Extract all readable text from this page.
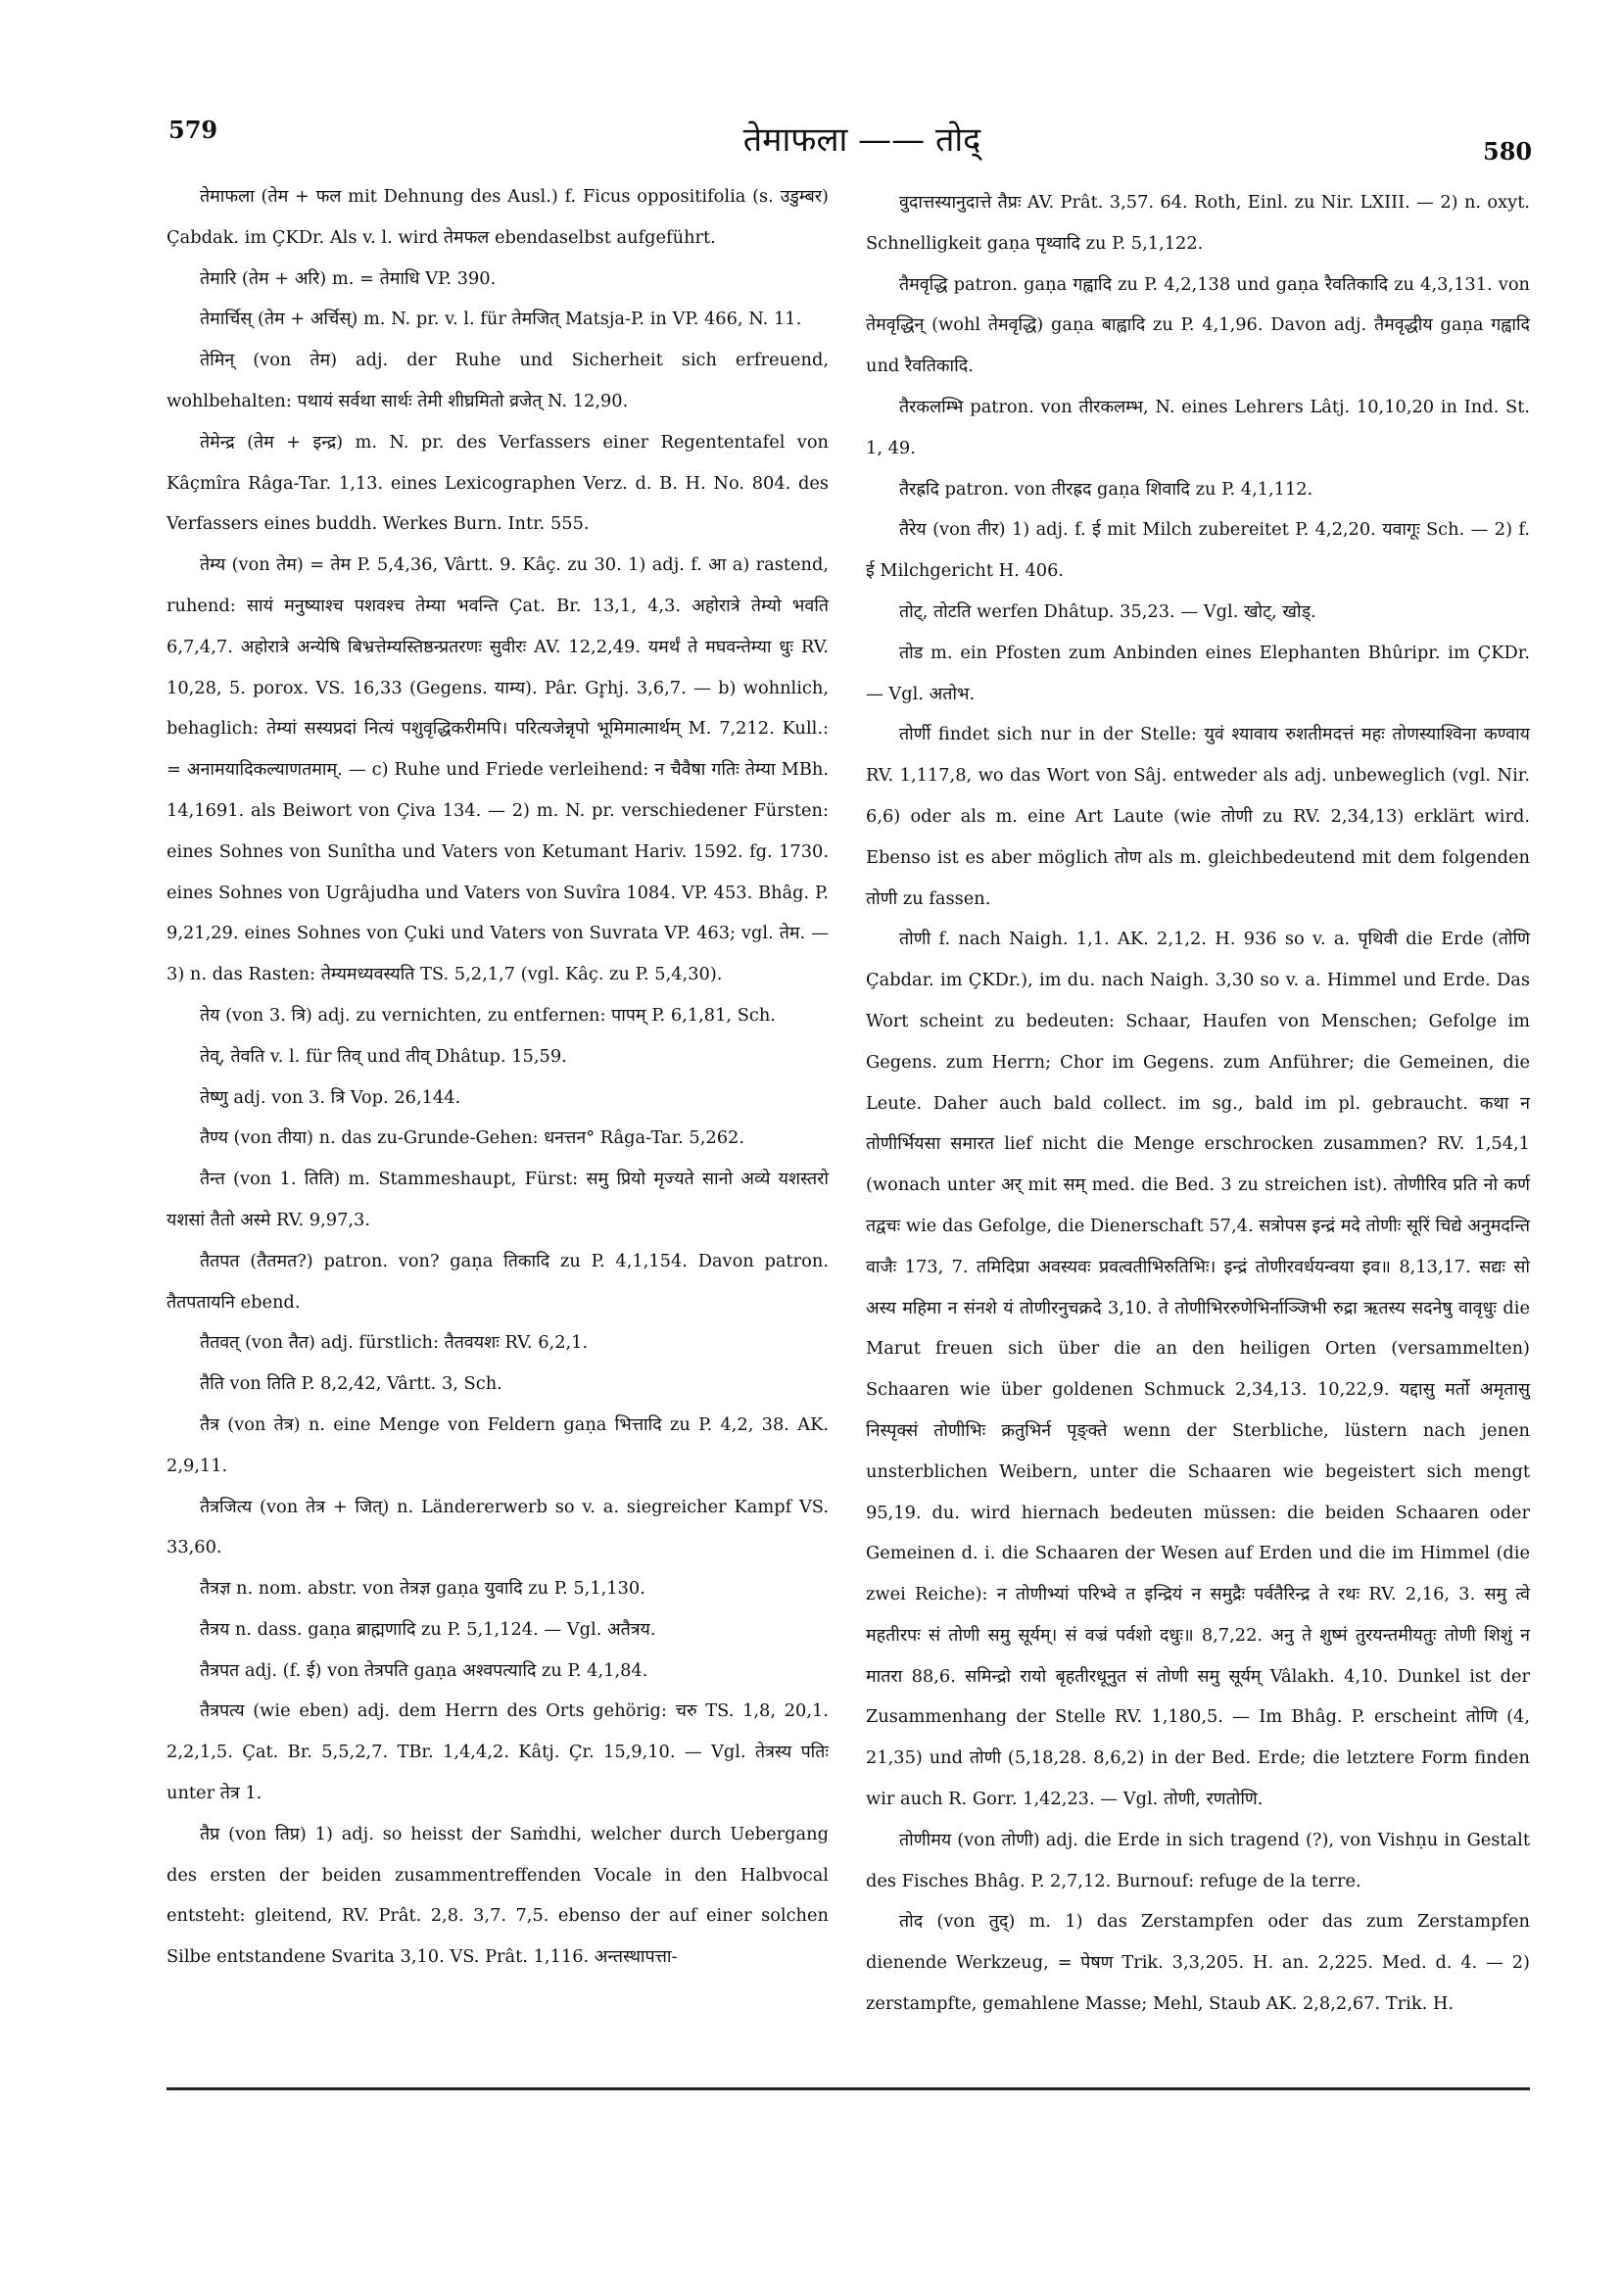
579	तेमाफला —— तोद्	580

तेमाफला (तेम + फल mit Dehnung des Ausl.) f. Ficus oppositifolia (s. उडुम्बर) Çabdak. im ÇKDr. Als v. l. wird तेमफल ebendaselbst aufgeführt.

तेमारि (तेम + अरि) m. = तेमाधि VP. 390.

तेमार्चिस् (तेम + अर्चिस्) m. N. pr. v. l. für तेमजित् Matsja-P. in VP. 466, N. 11.

तेमिन् (von तेम) adj. der Ruhe und Sicherheit sich erfreuend, wohlbehalten: पथायं सर्वथा सार्थः तेमी शीघ्रमितो व्रजेत् N. 12,90.

तेमेन्द्र (तेम + इन्द्र) m. N. pr. des Verfassers einer Regententafel von Kâçmîra Râga-Tar. 1,13. eines Lexicographen Verz. d. B. H. No. 804. des Verfassers eines buddh. Werkes Burn. Intr. 555.

तेम्य (von तेम) = तेम P. 5,4,36, Vârtt. 9. Kâç. zu 30. 1) adj. f. आ a) rastend, ruhend: सायं मनुष्याश्च पशवश्च तेम्या भवन्ति Çat. Br. 13,1, 4,3. अहोरात्रे तेम्यो भवति 6,7,4,7. अहोरात्रे अन्येषि बिभ्रत्तेम्यस्तिष्ठन्प्रतरणः सुवीरः AV. 12,2,49. यमर्थं ते मघवन्तेम्या धुः RV. 10,28, 5. porox. VS. 16,33 (Gegens. याम्य). Pâr. Gr̥hj. 3,6,7. — b) wohnlich, behaglich: तेम्यां सस्यप्रदां नित्यं पशुवृद्धिकरीमपि। परित्यजेन्नृपो भूमिमात्मार्थम् M. 7,212. Kull.: = अनामयादिकल्याणतमाम्. — c) Ruhe und Friede verleihend: न चैवैषा गतिः तेम्या MBh. 14,1691. als Beiwort von Çiva 134. — 2) m. N. pr. verschiedener Fürsten: eines Sohnes von Sunîtha und Vaters von Ketumant Hariv. 1592. fg. 1730. eines Sohnes von Ugrâjudha und Vaters von Suvîra 1084. VP. 453. Bhâg. P. 9,21,29. eines Sohnes von Çuki und Vaters von Suvrata VP. 463; vgl. तेम. — 3) n. das Rasten: तेम्यमध्यवस्यति TS. 5,2,1,7 (vgl. Kâç. zu P. 5,4,30).

तेय (von 3. त्रि) adj. zu vernichten, zu entfernen: पापम् P. 6,1,81, Sch.

तेव्, तेवति v. l. für तिव् und तीव् Dhâtup. 15,59.

तेष्णु adj. von 3. त्रि Vop. 26,144.

तैण्य (von तीया) n. das zu-Grunde-Gehen: धनत्तन° Râga-Tar. 5,262.

तैन्त (von 1. तिति) m. Stammeshaupt, Fürst: समु प्रियो मृज्यते सानो अव्ये यशस्तरो यशसां तैतो अस्मे RV. 9,97,3.

तैतपत (तैतमत?) patron. von? gaṇa तिकादि zu P. 4,1,154. Davon patron. तैतपतायनि ebend.

तैतवत् (von तैत) adj. fürstlich: तैतवयशः RV. 6,2,1.

तैति von तिति P. 8,2,42, Vârtt. 3, Sch.

तैत्र (von तेत्र) n. eine Menge von Feldern gaṇa भित्तादि zu P. 4,2, 38. AK. 2,9,11.

तैत्रजित्य (von तेत्र + जित्) n. Ländererwerb so v. a. siegreicher Kampf VS. 33,60.

तैत्रज्ञ n. nom. abstr. von तेत्रज्ञ gaṇa युवादि zu P. 5,1,130.

तैत्रय n. dass. gaṇa ब्राह्मणादि zu P. 5,1,124. — Vgl. अतैत्रय.

तैत्रपत adj. (f. ई) von तेत्रपति gaṇa अश्वपत्यादि zu P. 4,1,84.

तैत्रपत्य (wie eben) adj. dem Herrn des Orts gehörig: चरु TS. 1,8, 20,1. 2,2,1,5. Çat. Br. 5,5,2,7. TBr. 1,4,4,2. Kâtj. Çr. 15,9,10. — Vgl. तेत्रस्य पतिः unter तेत्र 1.

तैप्र (von तिप्र) 1) adj. so heisst der Saṁdhi, welcher durch Uebergang des ersten der beiden zusammentreffenden Vocale in den Halbvocal entsteht: gleitend, RV. Prât. 2,8. 3,7. 7,5. ebenso der auf einer solchen Silbe entstandene Svarita 3,10. VS. Prât. 1,116. अन्तस्थापत्ता-

वुदात्तस्यानुदात्ते तैप्रः AV. Prât. 3,57. 64. Roth, Einl. zu Nir. LXIII. — 2) n. oxyt. Schnelligkeit gaṇa पृथ्वादि zu P. 5,1,122.

तैमवृद्धि patron. gaṇa गह्वादि zu P. 4,2,138 und gaṇa रैवतिकादि zu 4,3,131. von तेमवृद्धिन् (wohl तेमवृद्धि) gaṇa बाह्वादि zu P. 4,1,96. Davon adj. तैमवृद्धीय gaṇa गह्वादि und रैवतिकादि.

तैरकलम्भि patron. von तीरकलम्भ, N. eines Lehrers Lâtj. 10,10,20 in Ind. St. 1, 49.

तैरह्रदि patron. von तीरह्रद gaṇa शिवादि zu P. 4,1,112.

तैरेय (von तीर) 1) adj. f. ई mit Milch zubereitet P. 4,2,20. यवागूः Sch. — 2) f. ई Milchgericht H. 406.

तोट्, तोटति werfen Dhâtup. 35,23. — Vgl. खोट्, खोड्.

तोड m. ein Pfosten zum Anbinden eines Elephanten Bhûripr. im ÇKDr. — Vgl. अतोभ.

तोर्णी findet sich nur in der Stelle: युवं श्यावाय रुशतीमदत्तं महः तोणस्याश्विना कण्वाय RV. 1,117,8, wo das Wort von Sâj. entweder als adj. unbeweglich (vgl. Nir. 6,6) oder als m. eine Art Laute (wie तोणी zu RV. 2,34,13) erklärt wird. Ebenso ist es aber möglich तोण als m. gleichbedeutend mit dem folgenden तोणी zu fassen.

तोणी f. nach Naigh. 1,1. AK. 2,1,2. H. 936 so v. a. पृथिवी die Erde (तोणि Çabdar. im ÇKDr.), im du. nach Naigh. 3,30 so v. a. Himmel und Erde. Das Wort scheint zu bedeuten: Schaar, Haufen von Menschen; Gefolge im Gegens. zum Herrn; Chor im Gegens. zum Anführer; die Gemeinen, die Leute. Daher auch bald collect. im sg., bald im pl. gebraucht. कथा न तोणीर्भियसा समारत lief nicht die Menge erschrocken zusammen? RV. 1,54,1 (wonach unter अर् mit सम् med. die Bed. 3 zu streichen ist). तोणीरिव प्रति नो कर्ण तद्वचः wie das Gefolge, die Dienerschaft 57,4. सत्रोपस इन्द्रं मदे तोणीः सूरिं चिद्ये अनुमदन्ति वाजैः 173, 7. तमिदिप्रा अवस्यवः प्रवत्वतीभिरुतिभिः। इन्द्रं तोणीरवर्धयन्वया इव॥ 8,13,17. सद्यः सो अस्य महिमा न संनशे यं तोणीरनुचक्रदे 3,10. ते तोणीभिररुणेभिर्नाञ्जिभी रुद्रा ऋतस्य सदनेषु वावृधुः die Marut freuen sich über die an den heiligen Orten (versammelten) Schaaren wie über goldenen Schmuck 2,34,13. 10,22,9. यद्दासु मर्तो अमृतासु निस्पृक्सं तोणीभिः क्रतुभिर्न पृङ्क्ते wenn der Sterbliche, lüstern nach jenen unsterblichen Weibern, unter die Schaaren wie begeistert sich mengt 95,19. du. wird hiernach bedeuten müssen: die beiden Schaaren oder Gemeinen d. i. die Schaaren der Wesen auf Erden und die im Himmel (die zwei Reiche): न तोणीभ्यां परिभ्वे त इन्द्रियं न समुद्रैः पर्वतैरिन्द्र ते रथः RV. 2,16, 3. समु त्वे महतीरपः सं तोणी समु सूर्यम्। सं वज्रं पर्वशो दधुः॥ 8,7,22. अनु ते शुष्मं तुरयन्तमीयतुः तोणी शिशुं न मातरा 88,6. समिन्द्रो रायो बृहतीरधूनुत सं तोणी समु सूर्यम् Vâlakh. 4,10. Dunkel ist der Zusammenhang der Stelle RV. 1,180,5. — Im Bhâg. P. erscheint तोणि (4, 21,35) und तोणी (5,18,28. 8,6,2) in der Bed. Erde; die letztere Form finden wir auch R. Gorr. 1,42,23. — Vgl. तोणी, रणतोणि.

तोणीमय (von तोणी) adj. die Erde in sich tragend (?), von Vishṇu in Gestalt des Fisches Bhâg. P. 2,7,12. Burnouf: refuge de la terre.

तोद (von तुद्) m. 1) das Zerstampfen oder das zum Zerstampfen dienende Werkzeug, = पेषण Trik. 3,3,205. H. an. 2,225. Med. d. 4. — 2) zerstampfte, gemahlene Masse; Mehl, Staub AK. 2,8,2,67. Trik. H.
